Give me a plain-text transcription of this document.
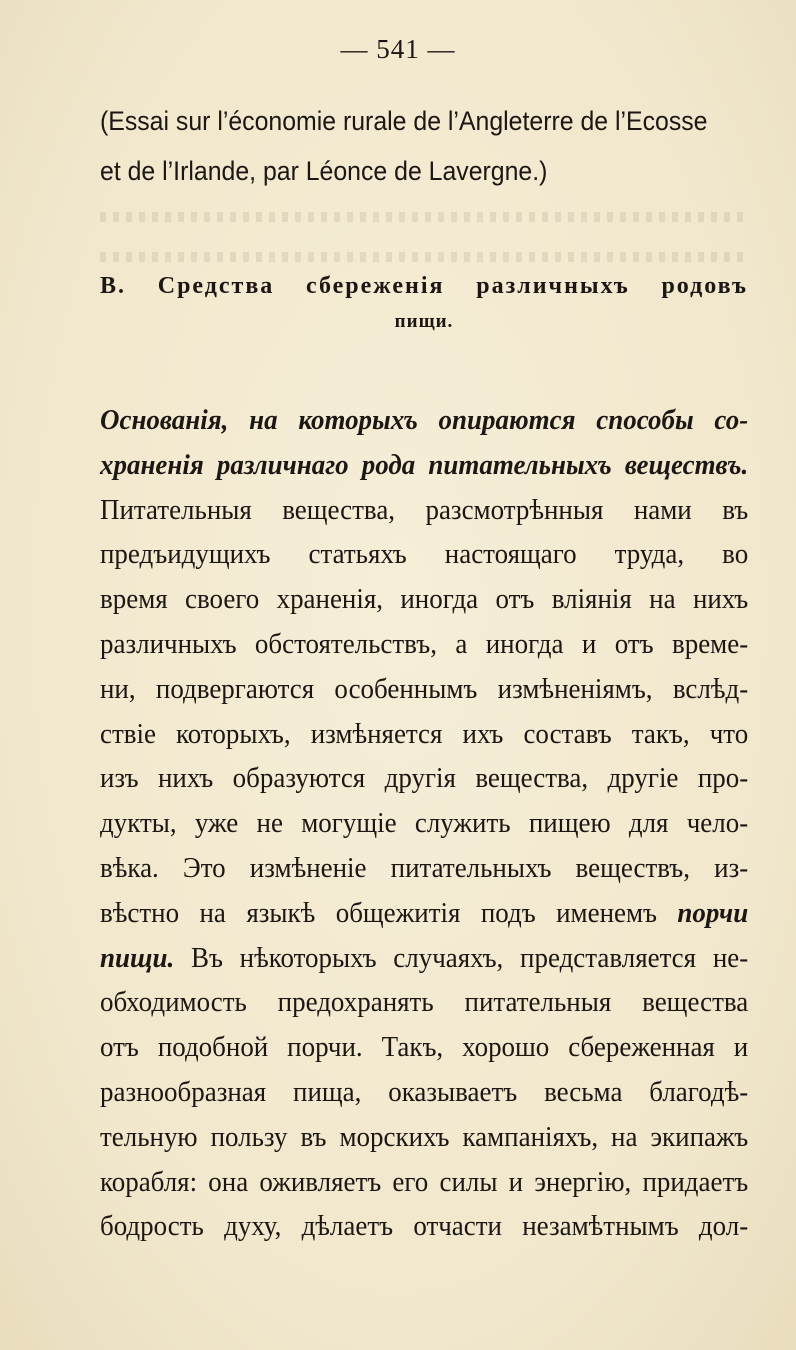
— 541 —
(Essai sur l’économie rurale de l’Angleterre de l’Ecosse
et de l’Irlande, par Léonce de Lavergne.)
B. Средства сбереженія различныхъ родовъ
пищи.
Основанія, на которыхъ опираются способы со-
храненія различнаго рода питательныхъ веществъ.
Питательныя вещества, разсмотрѣнныя нами въ
предъидущихъ статьяхъ настоящаго труда, во
время своего храненія, иногда отъ вліянія на нихъ
различныхъ обстоятельствъ, а иногда и отъ време-
ни, подвергаются особеннымъ измѣненіямъ, вслѣд-
ствіе которыхъ, измѣняется ихъ составъ такъ, что
изъ нихъ образуются другія вещества, другіе про-
дукты, уже не могущіе служить пищею для чело-
вѣка. Это измѣненіе питательныхъ веществъ, из-
вѣстно на языкѣ общежитія подъ именемъ порчи
пищи. Въ нѣкоторыхъ случаяхъ, представляется не-
обходимость предохранять питательныя вещества
отъ подобной порчи. Такъ, хорошо сбереженная и
разнообразная пища, оказываетъ весьма благодѣ-
тельную пользу въ морскихъ кампаніяхъ, на экипажъ
корабля: она оживляетъ его силы и энергію, придаетъ
бодрость духу, дѣлаетъ отчасти незамѣтнымъ дол-
